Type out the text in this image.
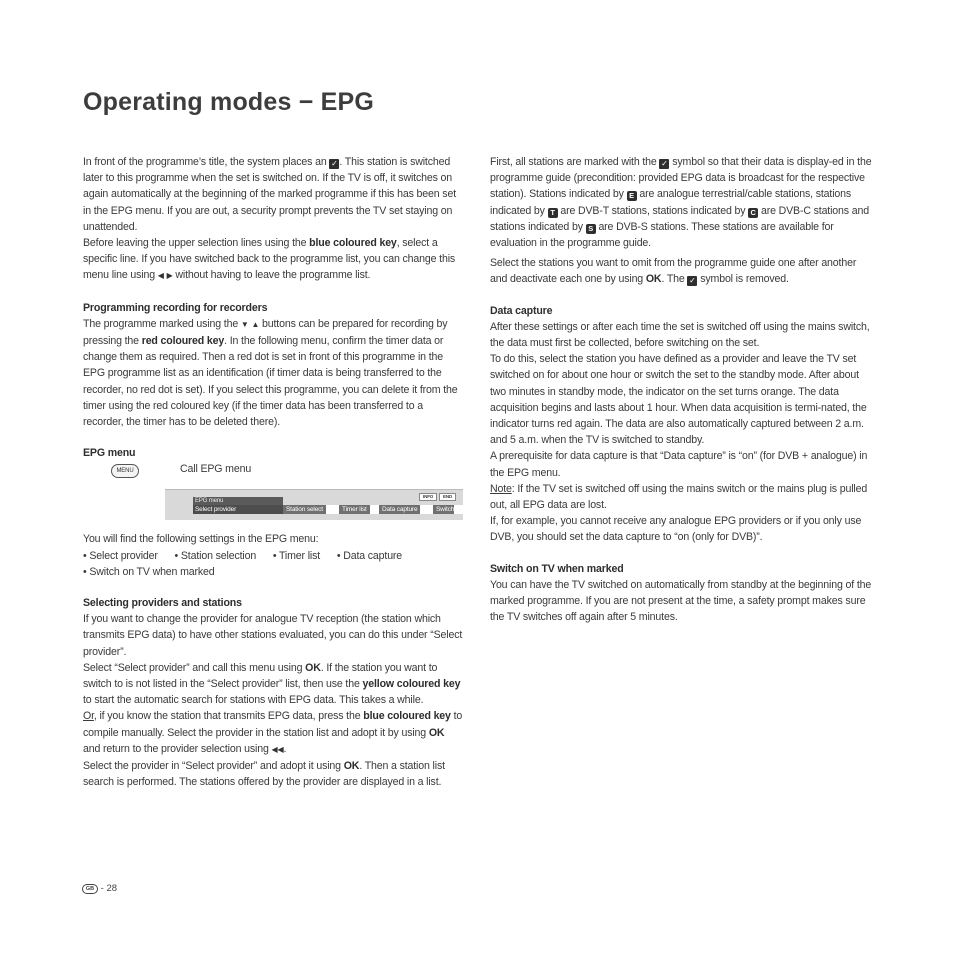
Operating modes − EPG

In front of the programme’s title, the system places an ✓ . This station is switched later to this programme when the set is switched on. If the TV is off, it switches on again automatically at the beginning of the marked programme if this has been set in the EPG menu. If you are out, a security prompt prevents the TV set staying on unattended.

Before leaving the upper selection lines using the blue coloured key, select a specific line. If you have switched back to the programme list, you can change this menu line using ◀ ▶ without having to leave the programme list.

Programming recording for recorders

The programme marked using the ▼ ▲ buttons can be prepared for recording by pressing the red coloured key. In the following menu, confirm the timer data or change them as required. Then a red dot is set in front of this programme in the EPG programme list as an identification (if timer data is being transferred to the recorder, no red dot is set). If you select this programme, you can delete it from the timer using the red coloured key (if the timer data has been transferred to a recorder, the timer has to be deleted there).

EPG menu

MENU	Call EPG menu
INFO	END
EPG menu
Select provider	Station select	Timer list	Data capture	Switch

You will find the following settings in the EPG menu:

• Select provider • Station selection • Timer list • Data capture
• Switch on TV when marked

Selecting providers and stations

If you want to change the provider for analogue TV reception (the station which transmits EPG data) to have other stations evaluated, you can do this under “Select provider”.

Select “Select provider” and call this menu using OK. If the station you want to switch to is not listed in the “Select provider” list, then use the yellow coloured key to start the automatic search for stations with EPG data. This takes a while.
Or, if you know the station that transmits EPG data, press the blue coloured key to compile manually. Select the provider in the station list and adopt it by using OK and return to the provider selection using ◀◀.

Select the provider in “Select provider” and adopt it using OK. Then a station list search is performed. The stations offered by the provider are displayed in a list.

First, all stations are marked with the ✓ symbol so that their data is display-ed in the programme guide (precondition: provided EPG data is broadcast for the respective station). Stations indicated by E are analogue terrestrial/cable stations, stations indicated by T are DVB-T stations, stations indicated by C are DVB-C stations and stations indicated by S are DVB-S stations. These stations are available for evaluation in the programme guide.

Select the stations you want to omit from the programme guide one after another and deactivate each one by using OK. The ✓ symbol is removed.

Data capture

After these settings or after each time the set is switched off using the mains switch, the data must first be collected, before switching on the set.

To do this, select the station you have defined as a provider and leave the TV set switched on for about one hour or switch the set to the standby mode. After about two minutes in standby mode, the indicator on the set turns orange. The data acquisition begins and lasts about 1 hour. When data acquisition is termi-nated, the indicator turns red again. The data are also automatically captured between 2 a.m. and 5 a.m. when the TV is switched to standby.

A prerequisite for data capture is that “Data capture” is “on” (for DVB + analogue) in the EPG menu.

Note: If the TV set is switched off using the mains switch or the mains plug is pulled out, all EPG data are lost.

If, for example, you cannot receive any analogue EPG providers or if you only use DVB, you should set the data capture to “on (only for DVB)”.

Switch on TV when marked

You can have the TV switched on automatically from standby at the beginning of the marked programme. If you are not present at the time, a safety prompt makes sure the TV switches off again after 5 minutes.

GB - 28
